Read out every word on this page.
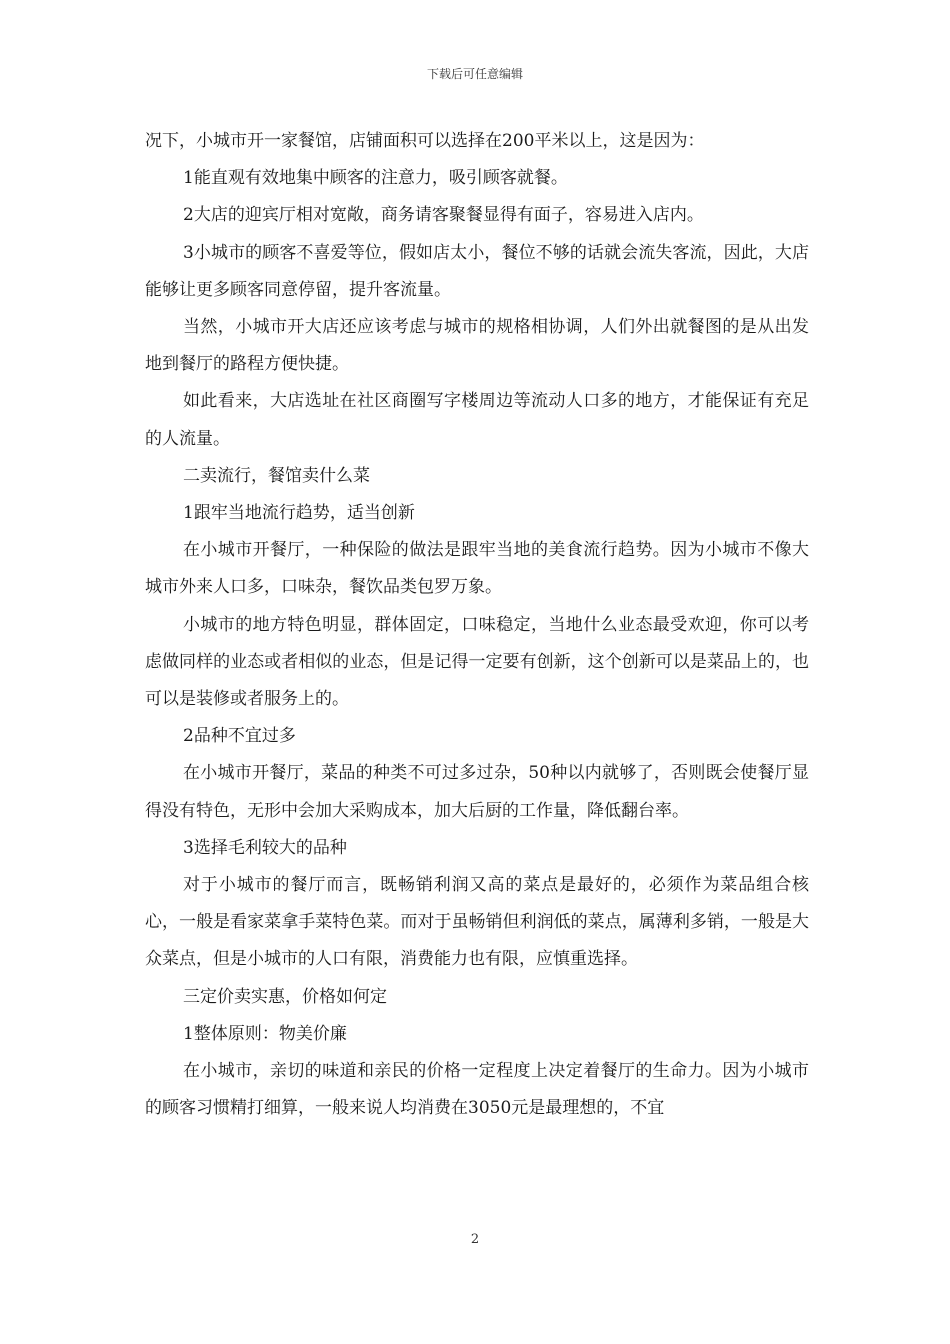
下载后可任意编辑

况下，小城市开一家餐馆，店铺面积可以选择在200平米以上，这是因为：

1能直观有效地集中顾客的注意力，吸引顾客就餐。

2大店的迎宾厅相对宽敞，商务请客聚餐显得有面子，容易进入店内。

3小城市的顾客不喜爱等位，假如店太小，餐位不够的话就会流失客流，因此，大店能够让更多顾客同意停留，提升客流量。

当然，小城市开大店还应该考虑与城市的规格相协调，人们外出就餐图的是从出发地到餐厅的路程方便快捷。

如此看来，大店选址在社区商圈写字楼周边等流动人口多的地方，才能保证有充足的人流量。

二卖流行，餐馆卖什么菜

1跟牢当地流行趋势，适当创新

在小城市开餐厅，一种保险的做法是跟牢当地的美食流行趋势。因为小城市不像大城市外来人口多，口味杂，餐饮品类包罗万象。

小城市的地方特色明显，群体固定，口味稳定，当地什么业态最受欢迎，你可以考虑做同样的业态或者相似的业态，但是记得一定要有创新，这个创新可以是菜品上的，也可以是装修或者服务上的。

2品种不宜过多

在小城市开餐厅，菜品的种类不可过多过杂，50种以内就够了，否则既会使餐厅显得没有特色，无形中会加大采购成本，加大后厨的工作量，降低翻台率。

3选择毛利较大的品种

对于小城市的餐厅而言，既畅销利润又高的菜点是最好的，必须作为菜品组合核心，一般是看家菜拿手菜特色菜。而对于虽畅销但利润低的菜点，属薄利多销，一般是大众菜点，但是小城市的人口有限，消费能力也有限，应慎重选择。

三定价卖实惠，价格如何定

1整体原则：物美价廉

在小城市，亲切的味道和亲民的价格一定程度上决定着餐厅的生命力。因为小城市的顾客习惯精打细算，一般来说人均消费在3050元是最理想的，不宜

2
